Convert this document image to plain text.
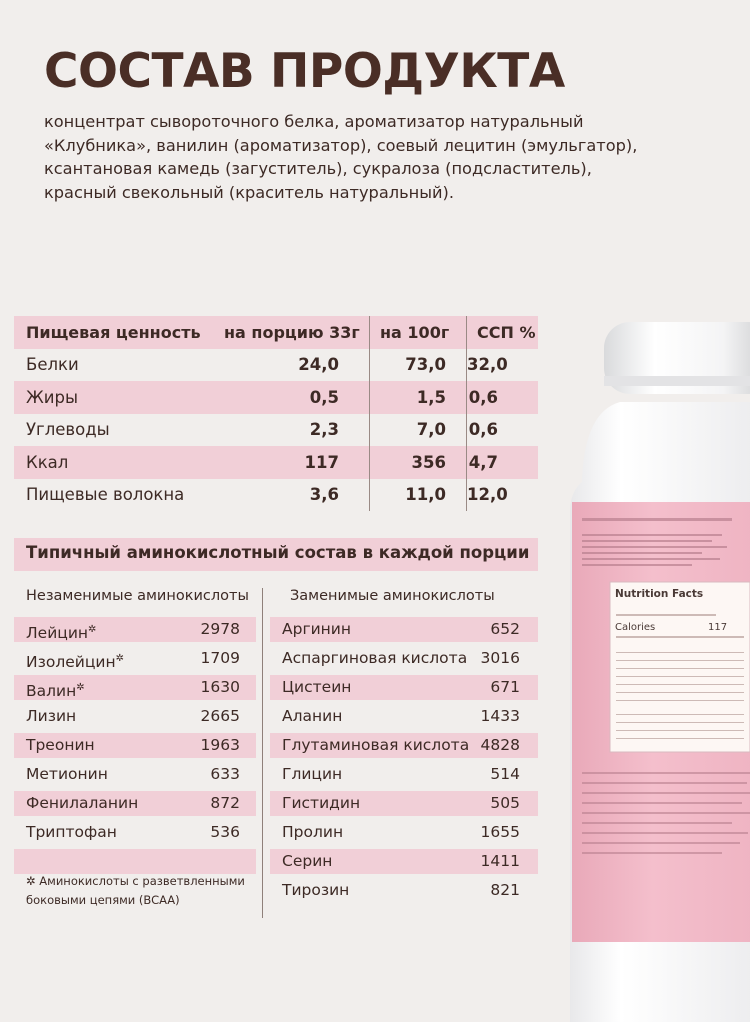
СОСТАВ ПРОДУКТА
концентрат сывороточного белка, ароматизатор натуральный «Клубника», ванилин (ароматизатор), соевый лецитин (эмульгатор), ксантановая камедь (загуститель), сукралоза (подсластитель), красный свекольный (краситель натуральный).
Nutrition Facts
Calories	117
Пищевая ценность	на порцию 33г	на 100г	ССП %
Белки	24,0	73,0	32,0
Жиры	0,5	1,5	0,6
Углеводы	2,3	7,0	0,6
Ккал	117	356	4,7
Пищевые волокна	3,6	11,0	12,0
Типичный аминокислотный состав в каждой порции
Незаменимые аминокислоты	Заменимые аминокислоты
Лейцин✲	2978
Изолейцин✲	1709
Валин✲	1630
Лизин	2665
Треонин	1963
Метионин	633
Фенилаланин	872
Триптофан	536
Аргинин	652
Аспаргиновая кислота 3016
Цистеин	671
Аланин	1433
Глутаминовая кислота 4828
Глицин	514
Гистидин	505
Пролин	1655
Серин	1411
Тирозин	821
✲ Аминокислоты с разветвленными боковыми цепями (BCAA)
